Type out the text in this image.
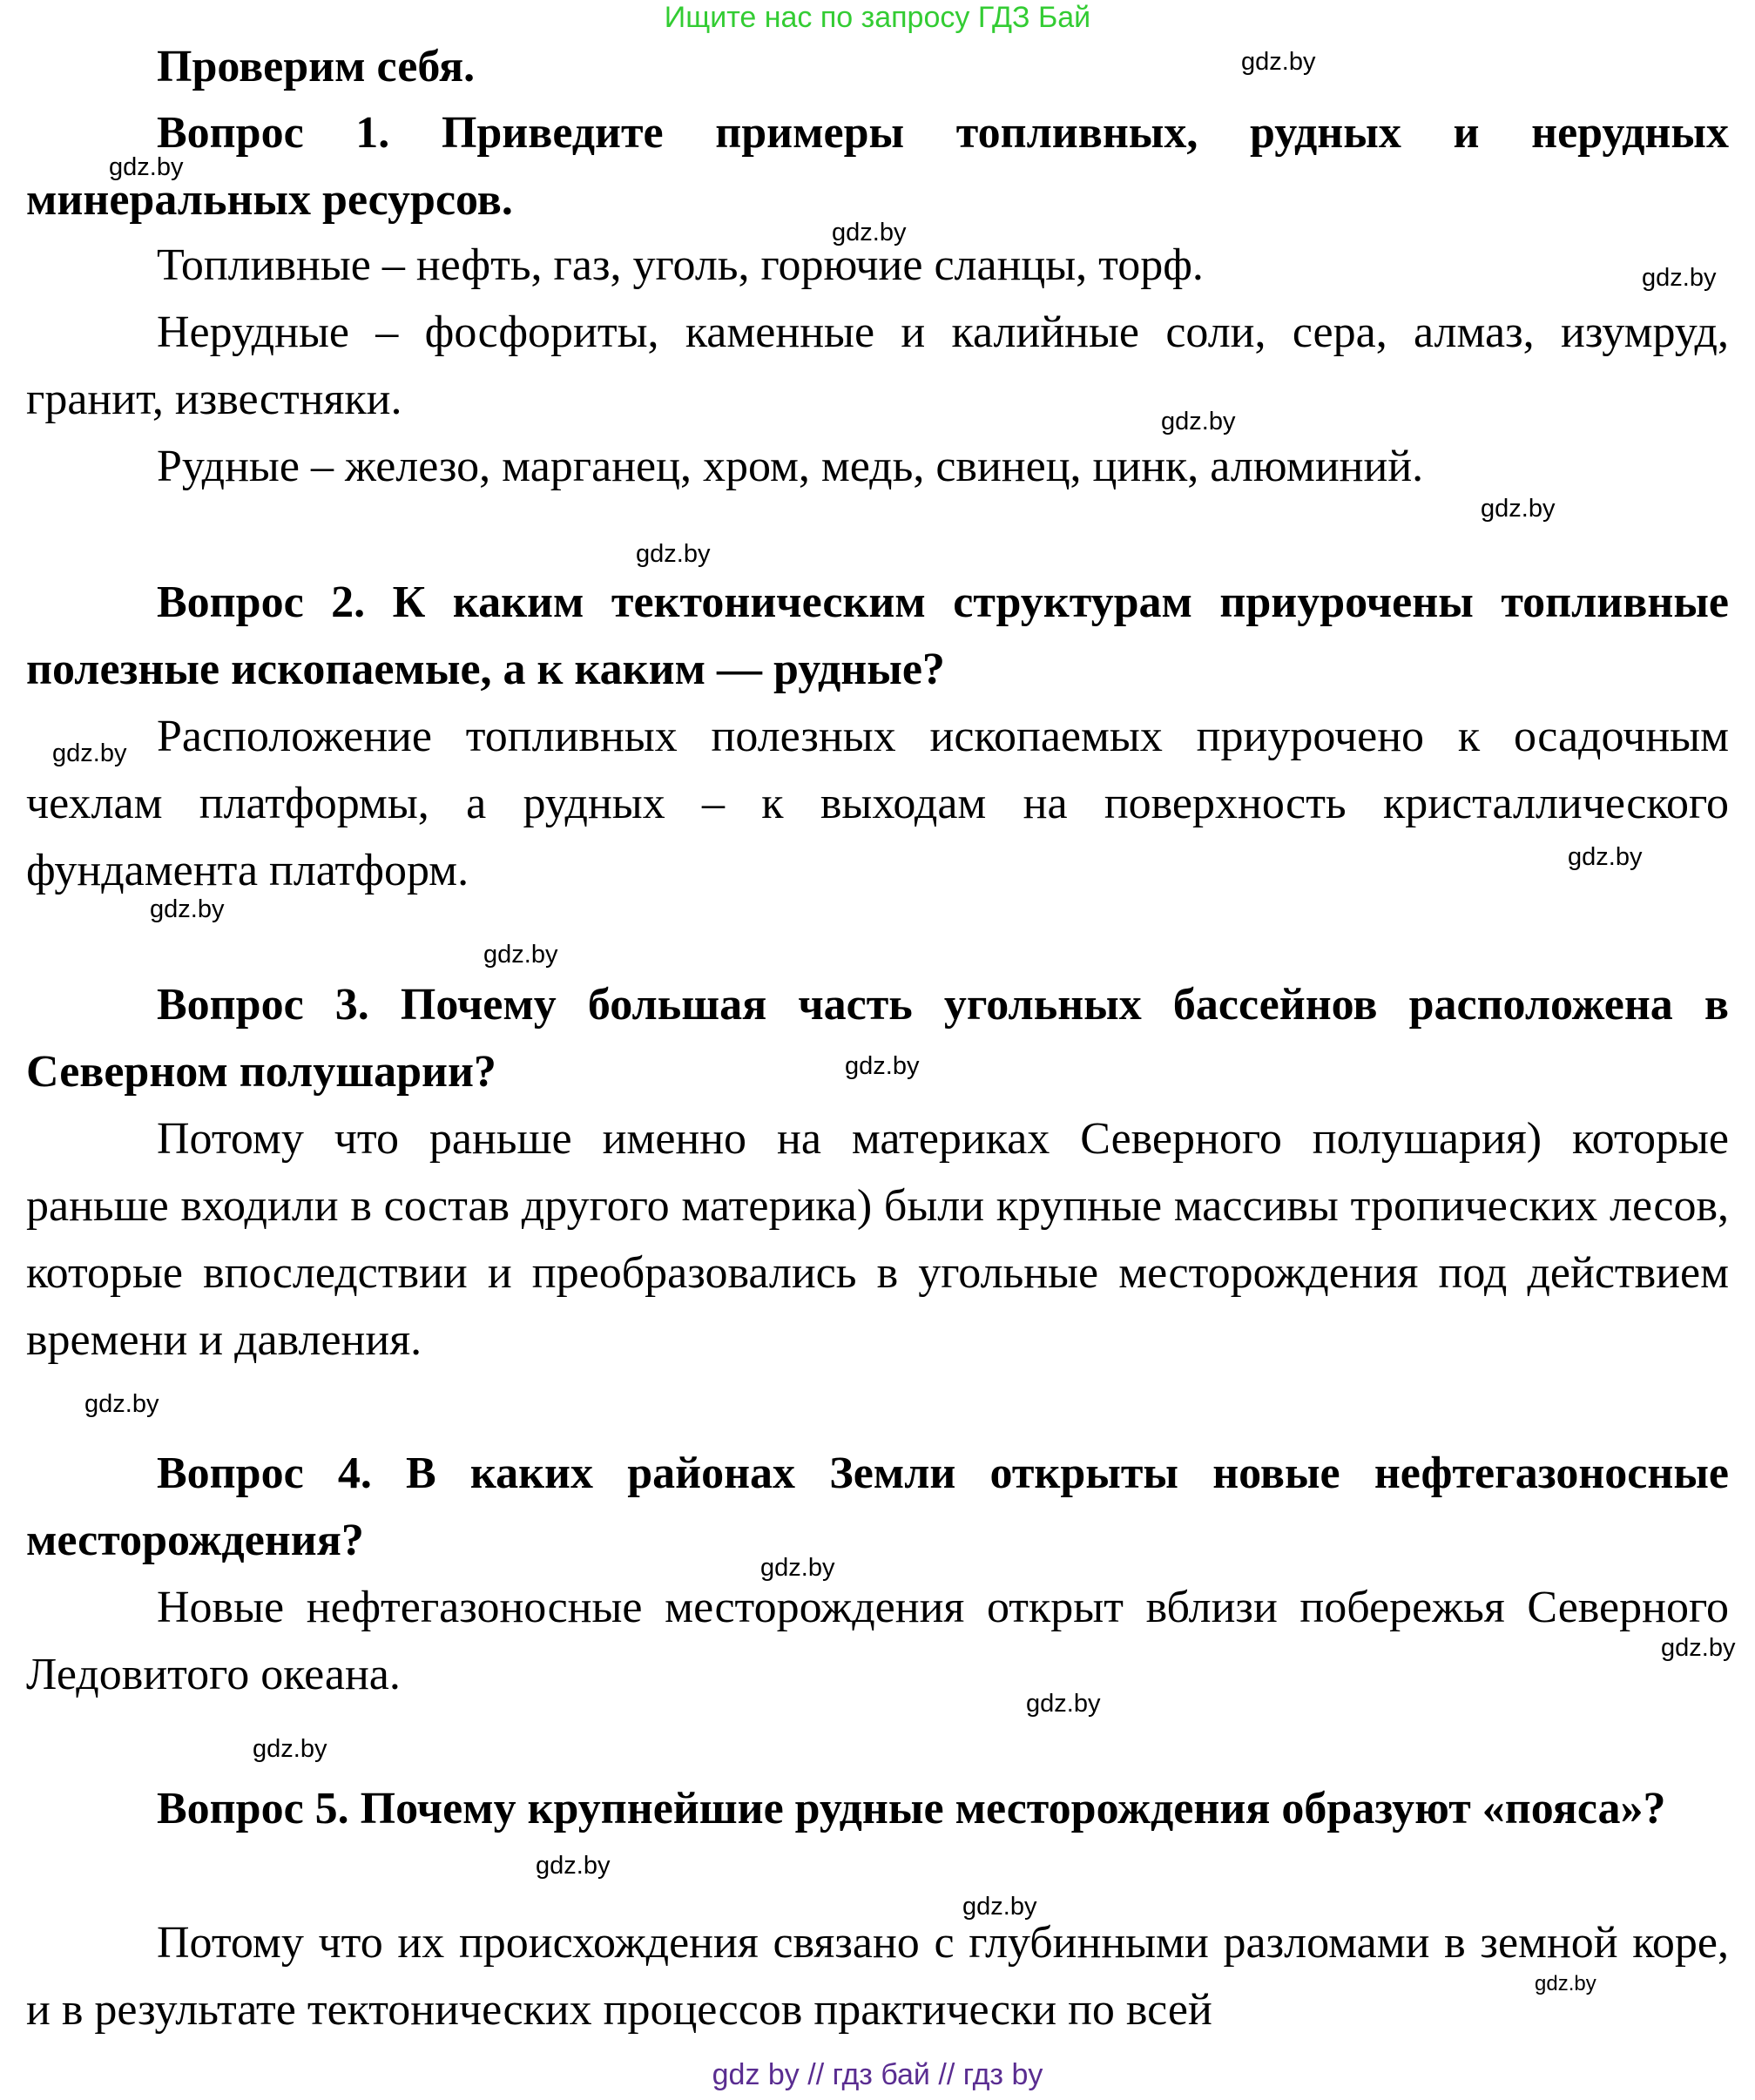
Ищите нас по запросу ГДЗ Бай

Проверим себя.

Вопрос 1. Приведите примеры топливных, рудных и нерудных минеральных ресурсов.

Топливные – нефть, газ, уголь, горючие сланцы, торф.

Нерудные – фосфориты, каменные и калийные соли, сера, алмаз, изумруд, гранит, известняки.

Рудные – железо, марганец, хром, медь, свинец, цинк, алюминий.

Вопрос 2. К каким тектоническим структурам приурочены топливные полезные ископаемые, а к каким — рудные?

Расположение топливных полезных ископаемых приурочено к осадочным чехлам платформы, а рудных – к выходам на поверхность кристаллического фундамента платформ.

Вопрос 3. Почему большая часть угольных бассейнов расположена в Северном полушарии?

Потому что раньше именно на материках Северного полушария) которые раньше входили в состав другого материка) были крупные массивы тропических лесов, которые впоследствии и преобразовались в угольные месторождения под действием времени и давления.

Вопрос 4. В каких районах Земли открыты новые нефтегазоносные месторождения?

Новые нефтегазоносные месторождения открыт вблизи побережья Северного Ледовитого океана.

Вопрос 5. Почему крупнейшие рудные месторождения образуют «пояса»?

Потому что их происхождения связано с глубинными разломами в земной коре, и в результате тектонических процессов практически по всей

gdz.by
gdz.by
gdz.by
gdz.by
gdz.by
gdz.by
gdz.by
gdz.by
gdz.by
gdz.by
gdz.by
gdz.by
gdz.by
gdz.by
gdz.by
gdz.by
gdz.by
gdz.by
gdz.by
gdz.by
gdz by // гдз бай // гдз by
